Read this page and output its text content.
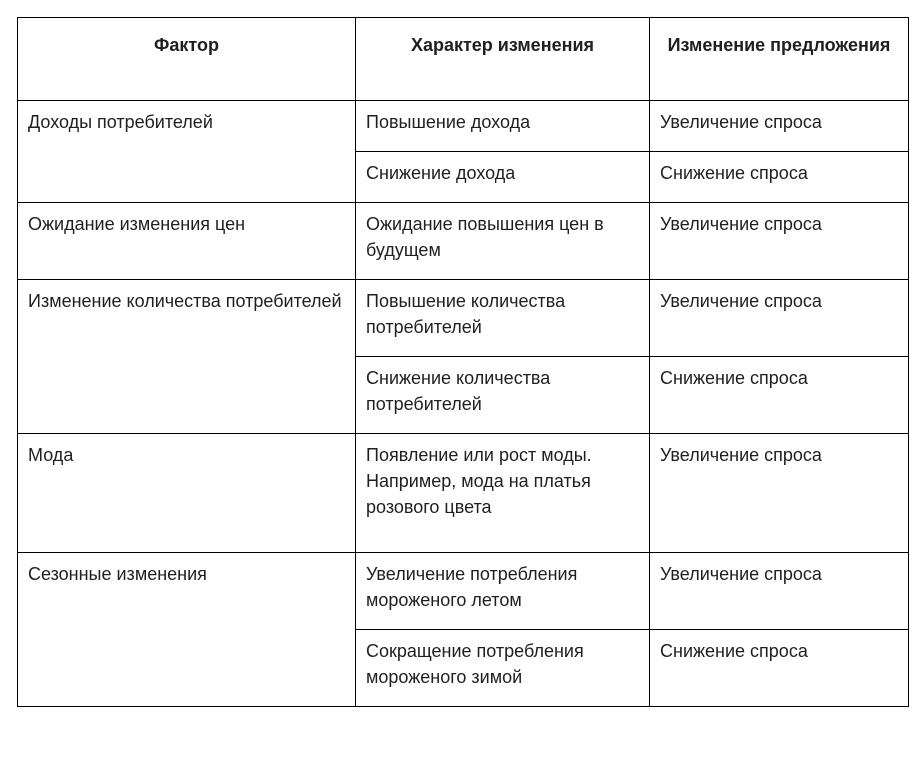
Фактор	Характер изменения	Изменение предложения
Доходы потребителей	Повышение дохода	Увеличение спроса
	Снижение дохода	Снижение спроса
Ожидание изменения цен	Ожидание повышения цен в будущем	Увеличение спроса
Изменение количества потребителей	Повышение количества потребителей	Увеличение спроса
	Снижение количества потребителей	Снижение спроса
Мода	Появление или рост моды. Например, мода на платья розового цвета	Увеличение спроса
Сезонные изменения	Увеличение потребления мороженого летом	Увеличение спроса
	Сокращение потребления мороженого зимой	Снижение спроса
